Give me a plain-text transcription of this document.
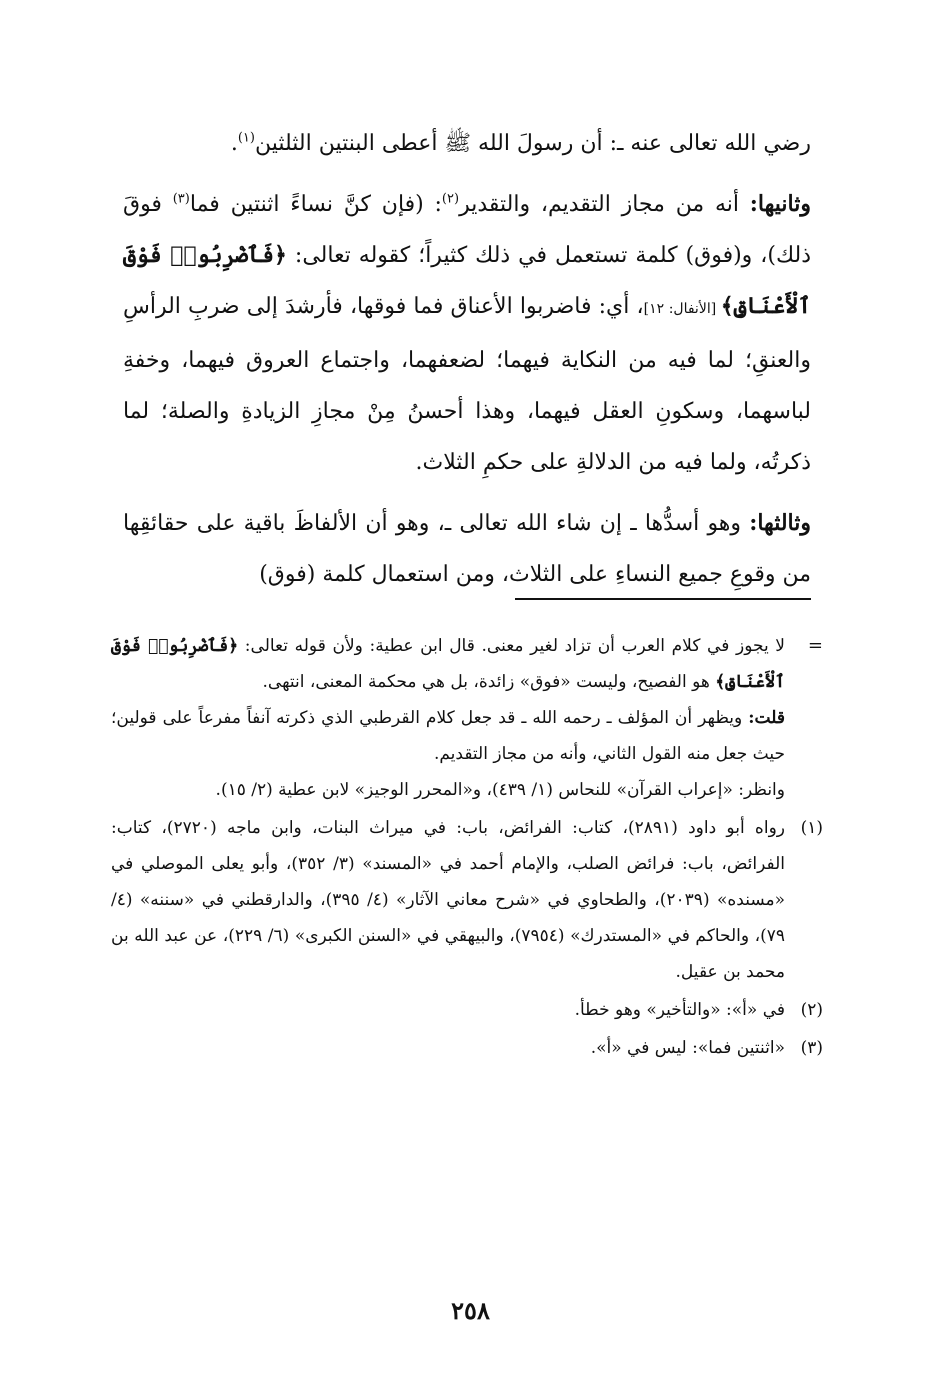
رضي الله تعالى عنه ـ: أن رسولَ الله ﷺ أعطى البنتين الثلثين$^{(١)}$.

وثانيها: أنه من مجاز التقديم، والتقدير$^{(٢)}$: (فإن كنَّ نساءً اثنتين فما$^{(٣)}$ فوقَ ذلك)، و(فوق) كلمة تستعمل في ذلك كثيراً؛ كقوله تعالى: ﴿فَٱضْرِبُوا۟ فَوْقَ ٱلْأَعْنَاقِ﴾ [الأنفال: ١٢]، أي: فاضربوا الأعناق فما فوقها، فأرشدَ إلى ضربِ الرأسِ والعنقِ؛ لما فيه من النكاية فيهما؛ لضعفهما، واجتماع العروق فيهما، وخفةِ لباسهما، وسكونِ العقل فيهما، وهذا أحسنُ مِنْ مجازِ الزيادةِ والصلة؛ لما ذكرتُه، ولما فيه من الدلالةِ على حكمِ الثلاث.

وثالثها: وهو أسدُّها ـ إن شاء الله تعالى ـ، وهو أن الألفاظَ باقية على حقائقِها من وقوعِ جميع النساءِ على الثلاث، ومن استعمال كلمة (فوق)

=

لا يجوز في كلام العرب أن تزاد لغير معنى. قال ابن عطية: ولأن قوله تعالى: ﴿فَٱضْرِبُوا۟ فَوْقَ ٱلْأَعْنَاقِ﴾ هو الفصيح، وليست «فوق» زائدة، بل هي محكمة المعنى، انتهى.

قلت: ويظهر أن المؤلف ـ رحمه الله ـ قد جعل كلام القرطبي الذي ذكرته آنفاً مفرعاً على قولين؛ حيث جعل منه القول الثاني، وأنه من مجاز التقديم.

وانظر: «إعراب القرآن» للنحاس (١/ ٤٣٩)، و«المحرر الوجيز» لابن عطية (٢/ ١٥).

(١)
رواه أبو داود (٢٨٩١)، كتاب: الفرائض، باب: في ميراث البنات، وابن ماجه (٢٧٢٠)، كتاب: الفرائض، باب: فرائض الصلب، والإمام أحمد في «المسند» (٣/ ٣٥٢)، وأبو يعلى الموصلي في «مسنده» (٢٠٣٩)، والطحاوي في «شرح معاني الآثار» (٤/ ٣٩٥)، والدارقطني في «سننه» (٤/ ٧٩)، والحاكم في «المستدرك» (٧٩٥٤)، والبيهقي في «السنن الكبرى» (٦/ ٢٢٩)، عن عبد الله بن محمد بن عقيل.
(٢)
في «أ»: «والتأخير» وهو خطأ.
(٣)
«اثنتين فما»: ليس في «أ».
٢٥٨
